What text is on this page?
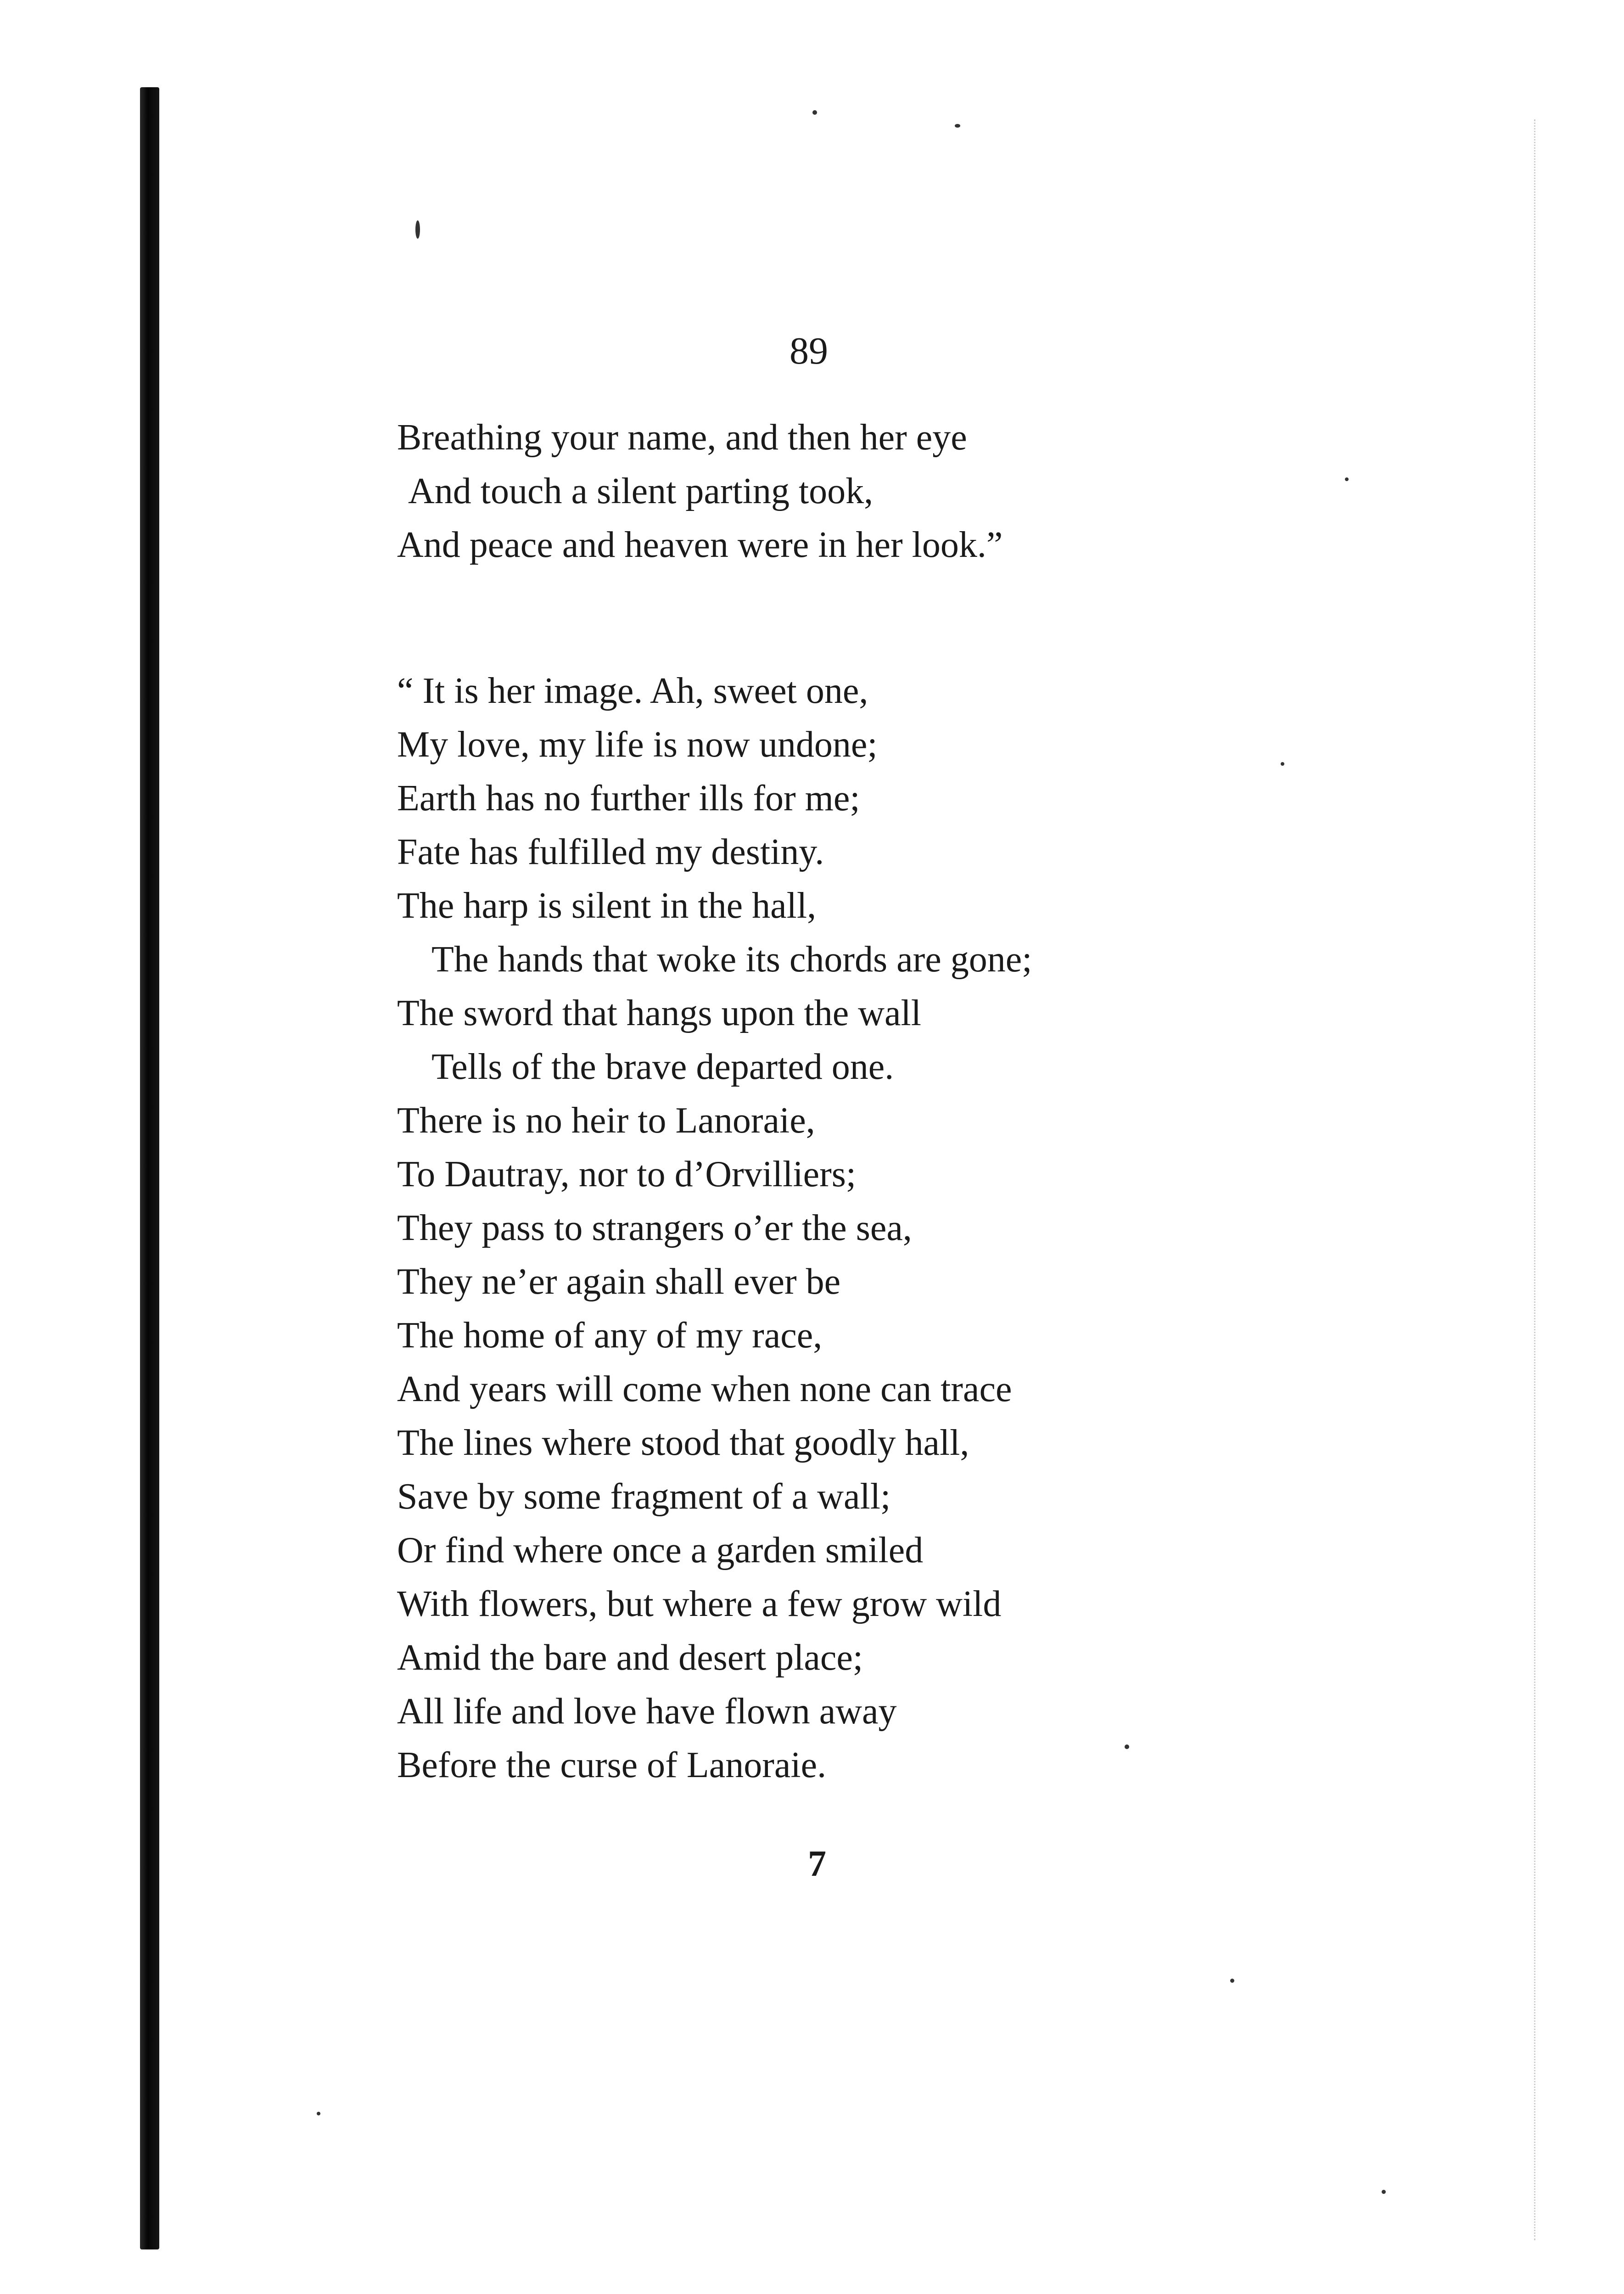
89
Breathing your name, and then her eye
And touch a silent parting took,
And peace and heaven were in her look.”
“ It is her image. Ah, sweet one,
My love, my life is now undone;
Earth has no further ills for me;
Fate has fulfilled my destiny.
The harp is silent in the hall,
The hands that woke its chords are gone;
The sword that hangs upon the wall
Tells of the brave departed one.
There is no heir to Lanoraie,
To Dautray, nor to d’Orvilliers;
They pass to strangers o’er the sea,
They ne’er again shall ever be
The home of any of my race,
And years will come when none can trace
The lines where stood that goodly hall,
Save by some fragment of a wall;
Or find where once a garden smiled
With flowers, but where a few grow wild
Amid the bare and desert place;
All life and love have flown away
Before the curse of Lanoraie.
7
